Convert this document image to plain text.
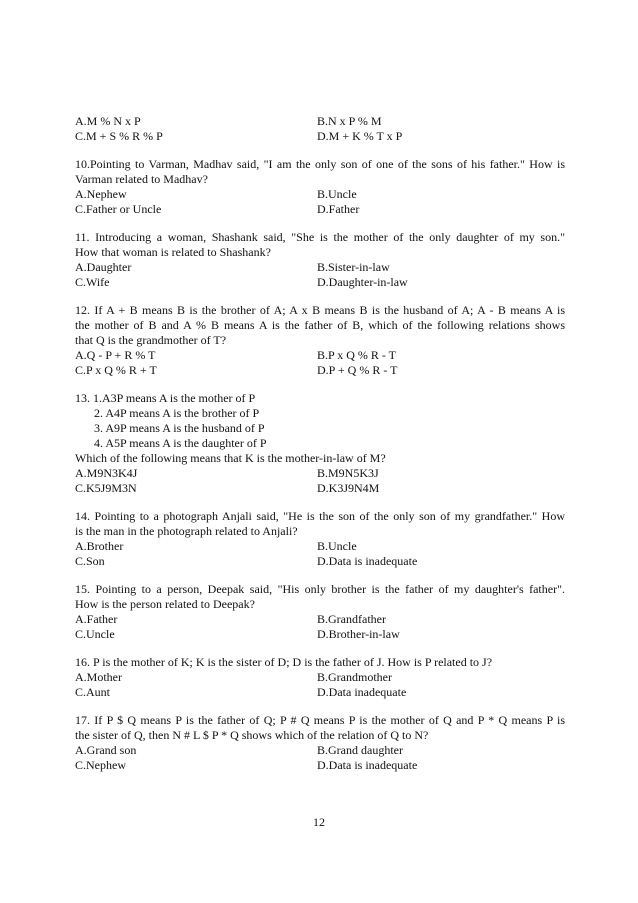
A.M % N x P	B.N x P % M
C.M + S % R % P	D.M + K % T x P
10.Pointing to Varman, Madhav said, "I am the only son of one of the sons of his father." How is
Varman related to Madhav?
A.Nephew	B.Uncle
C.Father or Uncle	D.Father
11. Introducing a woman, Shashank said, "She is the mother of the only daughter of my son."
How that woman is related to Shashank?
A.Daughter	B.Sister-in-law
C.Wife	D.Daughter-in-law
12. If A + B means B is the brother of A; A x B means B is the husband of A; A - B means A is
the mother of B and A % B means A is the father of B, which of the following relations shows
that Q is the grandmother of T?
A.Q - P + R % T	B.P x Q % R - T
C.P x Q % R + T	D.P + Q % R - T
13. 1.A3P means A is the mother of P
2. A4P means A is the brother of P
3. A9P means A is the husband of P
4. A5P means A is the daughter of P
Which of the following means that K is the mother-in-law of M?
A.M9N3K4J	B.M9N5K3J
C.K5J9M3N	D.K3J9N4M
14. Pointing to a photograph Anjali said, "He is the son of the only son of my grandfather." How
is the man in the photograph related to Anjali?
A.Brother	B.Uncle
C.Son	D.Data is inadequate
15. Pointing to a person, Deepak said, "His only brother is the father of my daughter's father".
How is the person related to Deepak?
A.Father	B.Grandfather
C.Uncle	D.Brother-in-law
16. P is the mother of K; K is the sister of D; D is the father of J. How is P related to J?
A.Mother	B.Grandmother
C.Aunt	D.Data inadequate
17. If P $ Q means P is the father of Q; P # Q means P is the mother of Q and P * Q means P is
the sister of Q, then N # L $ P * Q shows which of the relation of Q to N?
A.Grand son	B.Grand daughter
C.Nephew	D.Data is inadequate
12
